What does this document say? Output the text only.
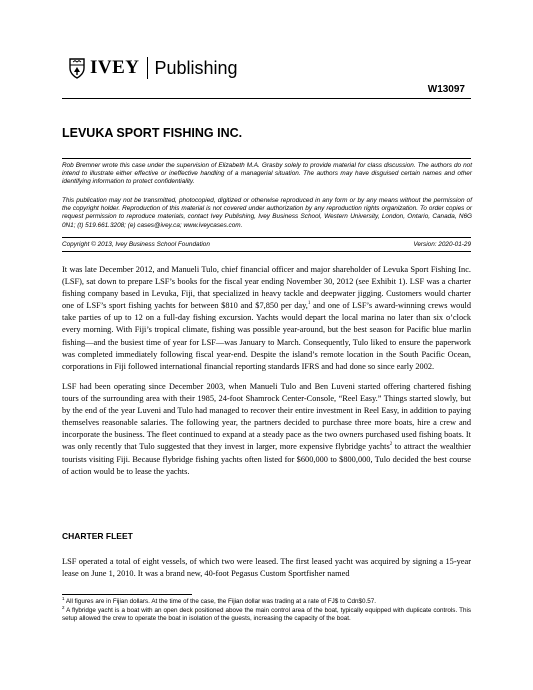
IVEY Publishing
W13097
LEVUKA SPORT FISHING INC.
Rob Bremner wrote this case under the supervision of Elizabeth M.A. Grasby solely to provide material for class discussion. The authors do not intend to illustrate either effective or ineffective handling of a managerial situation. The authors may have disguised certain names and other identifying information to protect confidentiality.
This publication may not be transmitted, photocopied, digitized or otherwise reproduced in any form or by any means without the permission of the copyright holder. Reproduction of this material is not covered under authorization by any reproduction rights organization. To order copies or request permission to reproduce materials, contact Ivey Publishing, Ivey Business School, Western University, London, Ontario, Canada, N6G 0N1; (t) 519.661.3208; (e) cases@ivey.ca; www.iveycases.com.
Copyright © 2013, Ivey Business School Foundation	Version: 2020-01-29
It was late December 2012, and Manueli Tulo, chief financial officer and major shareholder of Levuka Sport Fishing Inc. (LSF), sat down to prepare LSF’s books for the fiscal year ending November 30, 2012 (see Exhibit 1). LSF was a charter fishing company based in Levuka, Fiji, that specialized in heavy tackle and deepwater jigging. Customers would charter one of LSF’s sport fishing yachts for between $810 and $7,850 per day,$^1$ and one of LSF’s award-winning crews would take parties of up to 12 on a full-day fishing excursion. Yachts would depart the local marina no later than six o’clock every morning. With Fiji’s tropical climate, fishing was possible year-around, but the best season for Pacific blue marlin fishing—and the busiest time of year for LSF—was January to March. Consequently, Tulo liked to ensure the paperwork was completed immediately following fiscal year-end. Despite the island’s remote location in the South Pacific Ocean, corporations in Fiji followed international financial reporting standards IFRS and had done so since early 2002.
LSF had been operating since December 2003, when Manueli Tulo and Ben Luveni started offering chartered fishing tours of the surrounding area with their 1985, 24-foot Shamrock Center-Console, “Reel Easy.” Things started slowly, but by the end of the year Luveni and Tulo had managed to recover their entire investment in Reel Easy, in addition to paying themselves reasonable salaries. The following year, the partners decided to purchase three more boats, hire a crew and incorporate the business. The fleet continued to expand at a steady pace as the two owners purchased used fishing boats. It was only recently that Tulo suggested that they invest in larger, more expensive flybridge yachts$^2$ to attract the wealthier tourists visiting Fiji. Because flybridge fishing yachts often listed for $600,000 to $800,000, Tulo decided the best course of action would be to lease the yachts.
CHARTER FLEET
LSF operated a total of eight vessels, of which two were leased. The first leased yacht was acquired by signing a 15-year lease on June 1, 2010. It was a brand new, 40-foot Pegasus Custom Sportfisher named
$^1$ All figures are in Fijian dollars. At the time of the case, the Fijian dollar was trading at a rate of FJ$ to Cdn$0.57.
$^2$ A flybridge yacht is a boat with an open deck positioned above the main control area of the boat, typically equipped with duplicate controls. This setup allowed the crew to operate the boat in isolation of the guests, increasing the capacity of the boat.
